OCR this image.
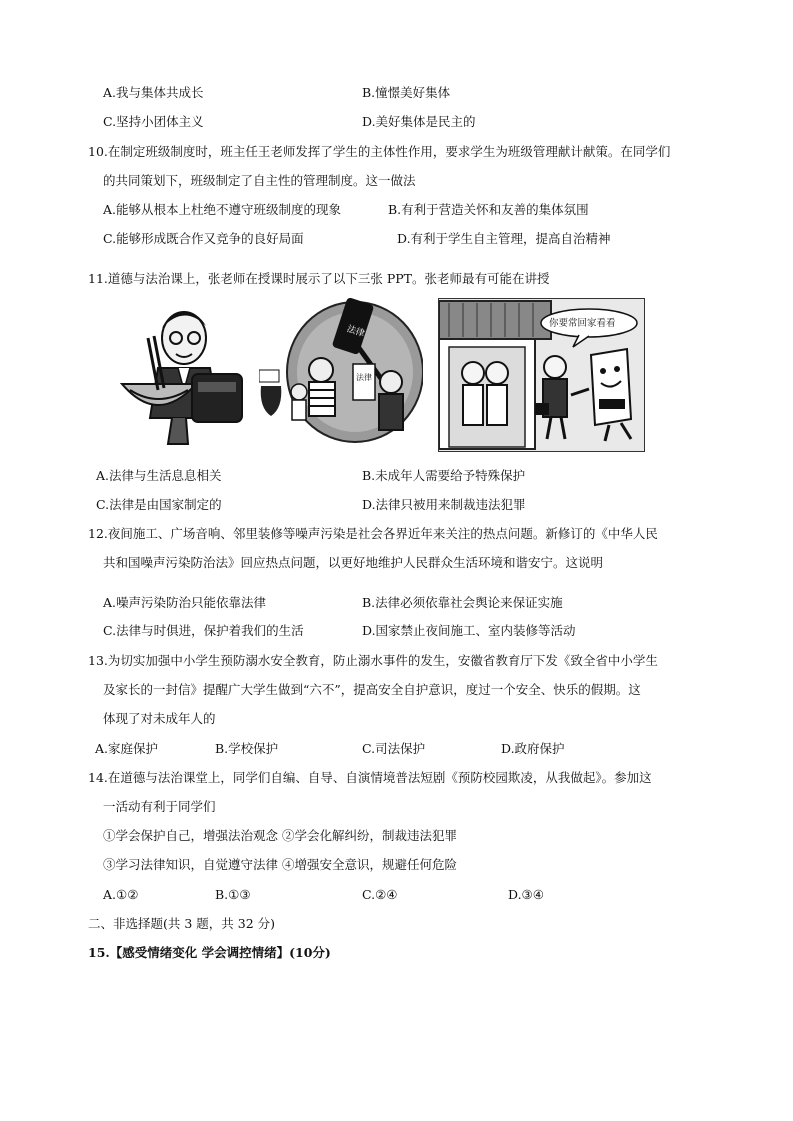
A.我与集体共成长	B.憧憬美好集体
C.坚持小团体主义	D.美好集体是民主的
10.在制定班级制度时，班主任王老师发挥了学生的主体性作用，要求学生为班级管理献计献策。在同学们
的共同策划下，班级制定了自主性的管理制度。这一做法
A.能够从根本上杜绝不遵守班级制度的现象	B.有利于营造关怀和友善的集体氛围
C.能够形成既合作又竞争的良好局面	D.有利于学生自主管理，提高自治精神
11.道德与法治课上，张老师在授课时展示了以下三张 PPT。张老师最有可能在讲授
法律
法律
你要常回家看看
A.法律与生活息息相关	B.未成年人需要给予特殊保护
C.法律是由国家制定的	D.法律只被用来制裁违法犯罪
12.夜间施工、广场音响、邻里装修等噪声污染是社会各界近年来关注的热点问题。新修订的《中华人民
共和国噪声污染防治法》回应热点问题，以更好地维护人民群众生活环境和谐安宁。这说明
A.噪声污染防治只能依靠法律	B.法律必须依靠社会舆论来保证实施
C.法律与时俱进，保护着我们的生活	D.国家禁止夜间施工、室内装修等活动
13.为切实加强中小学生预防溺水安全教育，防止溺水事件的发生，安徽省教育厅下发《致全省中小学生
及家长的一封信》提醒广大学生做到“六不”，提高安全自护意识，度过一个安全、快乐的假期。这
体现了对未成年人的
A.家庭保护	B.学校保护	C.司法保护	D.政府保护
14.在道德与法治课堂上，同学们自编、自导、自演情境普法短剧《预防校园欺凌，从我做起》。参加这
一活动有利于同学们
①学会保护自己，增强法治观念 ②学会化解纠纷，制裁违法犯罪
③学习法律知识，自觉遵守法律 ④增强安全意识，规避任何危险
A.①②	B.①③	C.②④	D.③④
二、非选择题(共 3 题，共 32 分)
15.【感受情绪变化 学会调控情绪】(10分)
